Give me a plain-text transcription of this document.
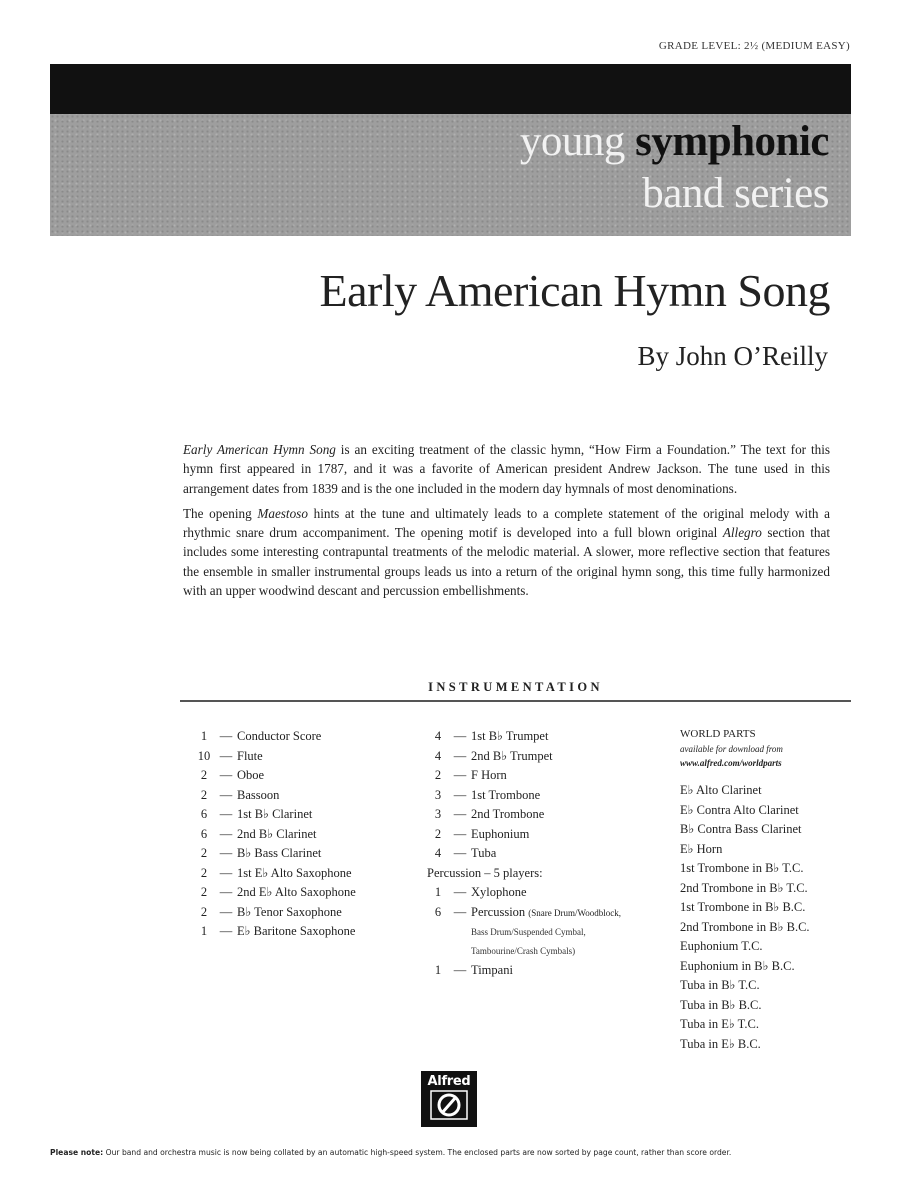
GRADE LEVEL: 2½ (MEDIUM EASY)
young symphonic
band series
Early American Hymn Song
By John O’Reilly

Early American Hymn Song is an exciting treatment of the classic hymn, “How Firm a Foundation.” The text for this hymn first appeared in 1787, and it was a favorite of American president Andrew Jackson. The tune used in this arrangement dates from 1839 and is the one included in the modern day hymnals of most denominations.

The opening Maestoso hints at the tune and ultimately leads to a complete statement of the original melody with a rhythmic snare drum accompaniment. The opening motif is developed into a full blown original Allegro section that includes some interesting contrapuntal treatments of the melodic material. A slower, more reflective section that features the ensemble in smaller instrumental groups leads us into a return of the original hymn song, this time fully harmonized with an upper woodwind descant and percussion embellishments.

INSTRUMENTATION
1	— Conductor Score
10 — Flute
2	— Oboe
2	— Bassoon
6	— 1st B♭ Clarinet
6	— 2nd B♭ Clarinet
2	— B♭ Bass Clarinet
2	— 1st E♭ Alto Saxophone
2	— 2nd E♭ Alto Saxophone
2	— B♭ Tenor Saxophone
1	— E♭ Baritone Saxophone
4	— 1st B♭ Trumpet
4	— 2nd B♭ Trumpet
2	— F Horn
3	— 1st Trombone
3	— 2nd Trombone
2	— Euphonium
4	— Tuba
Percussion – 5 players:
1	— Xylophone
6	— Percussion (Snare Drum/Woodblock,
Bass Drum/Suspended Cymbal,
Tambourine/Crash Cymbals)
1	— Timpani
WORLD PARTS
available for download from
www.alfred.com/worldparts
E♭ Alto Clarinet
E♭ Contra Alto Clarinet
B♭ Contra Bass Clarinet
E♭ Horn
1st Trombone in B♭ T.C.
2nd Trombone in B♭ T.C.
1st Trombone in B♭ B.C.
2nd Trombone in B♭ B.C.
Euphonium T.C.
Euphonium in B♭ B.C.
Tuba in B♭ T.C.
Tuba in B♭ B.C.
Tuba in E♭ T.C.
Tuba in E♭ B.C.
Alfred
Please note: Our band and orchestra music is now being collated by an automatic high-speed system. The enclosed parts are now sorted by page count, rather than score order.
